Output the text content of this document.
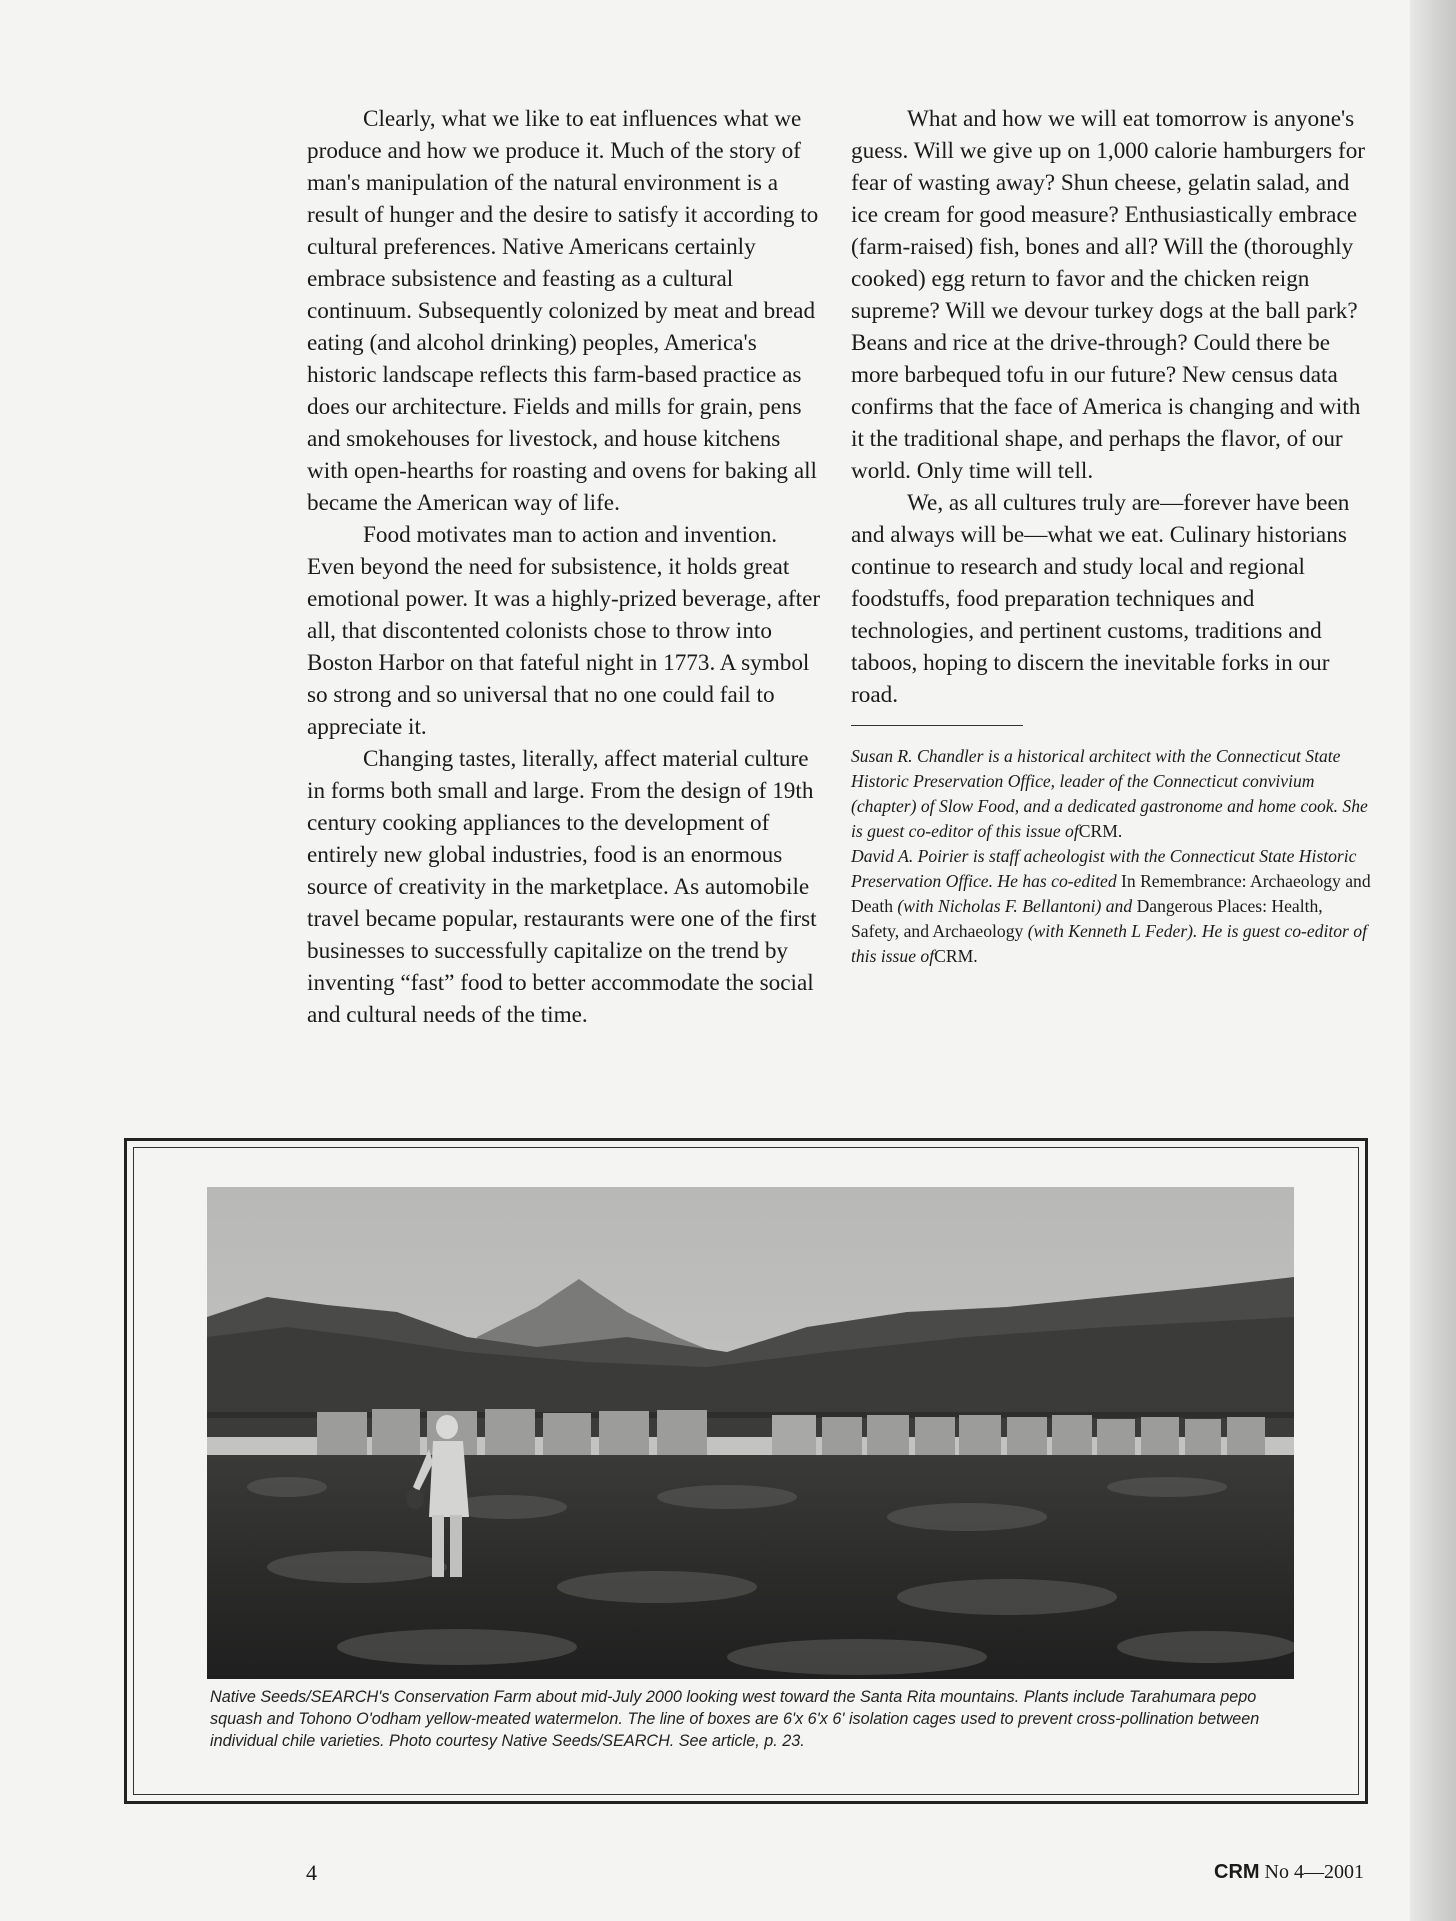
Clearly, what we like to eat influences what we produce and how we produce it. Much of the story of man's manipulation of the natural environment is a result of hunger and the desire to satisfy it according to cultural preferences. Native Americans certainly embrace subsistence and feasting as a cultural continuum. Subsequently colonized by meat and bread eating (and alcohol drinking) peoples, America's historic landscape reflects this farm-based practice as does our architecture. Fields and mills for grain, pens and smokehouses for livestock, and house kitchens with open-hearths for roasting and ovens for baking all became the American way of life.

Food motivates man to action and invention. Even beyond the need for subsistence, it holds great emotional power. It was a highly-prized beverage, after all, that discontented colonists chose to throw into Boston Harbor on that fateful night in 1773. A symbol so strong and so universal that no one could fail to appreciate it.

Changing tastes, literally, affect material culture in forms both small and large. From the design of 19th century cooking appliances to the development of entirely new global industries, food is an enormous source of creativity in the marketplace. As automobile travel became popular, restaurants were one of the first businesses to successfully capitalize on the trend by inventing “fast” food to better accommodate the social and cultural needs of the time.

What and how we will eat tomorrow is anyone's guess. Will we give up on 1,000 calorie hamburgers for fear of wasting away? Shun cheese, gelatin salad, and ice cream for good measure? Enthusiastically embrace (farm-raised) fish, bones and all? Will the (thoroughly cooked) egg return to favor and the chicken reign supreme? Will we devour turkey dogs at the ball park? Beans and rice at the drive-through? Could there be more barbequed tofu in our future? New census data confirms that the face of America is changing and with it the traditional shape, and perhaps the flavor, of our world. Only time will tell.

We, as all cultures truly are—forever have been and always will be—what we eat. Culinary historians continue to research and study local and regional foodstuffs, food preparation techniques and technologies, and pertinent customs, traditions and taboos, hoping to discern the inevitable forks in our road.

Susan R. Chandler is a historical architect with the Connecticut State Historic Preservation Office, leader of the Connecticut convivium (chapter) of Slow Food, and a dedicated gastronome and home cook. She is guest co-editor of this issue ofCRM.

David A. Poirier is staff acheologist with the Connecticut State Historic Preservation Office. He has co-edited In Remembrance: Archaeology and Death (with Nicholas F. Bellantoni) and Dangerous Places: Health, Safety, and Archaeology (with Kenneth L Feder). He is guest co-editor of this issue ofCRM.

Native Seeds/SEARCH's Conservation Farm about mid-July 2000 looking west toward the Santa Rita mountains. Plants include Tarahumara pepo squash and Tohono O'odham yellow-meated watermelon. The line of boxes are 6'x 6'x 6' isolation cages used to prevent cross-pollination between individual chile varieties. Photo courtesy Native Seeds/SEARCH. See article, p. 23.
4	CRM No 4—2001
